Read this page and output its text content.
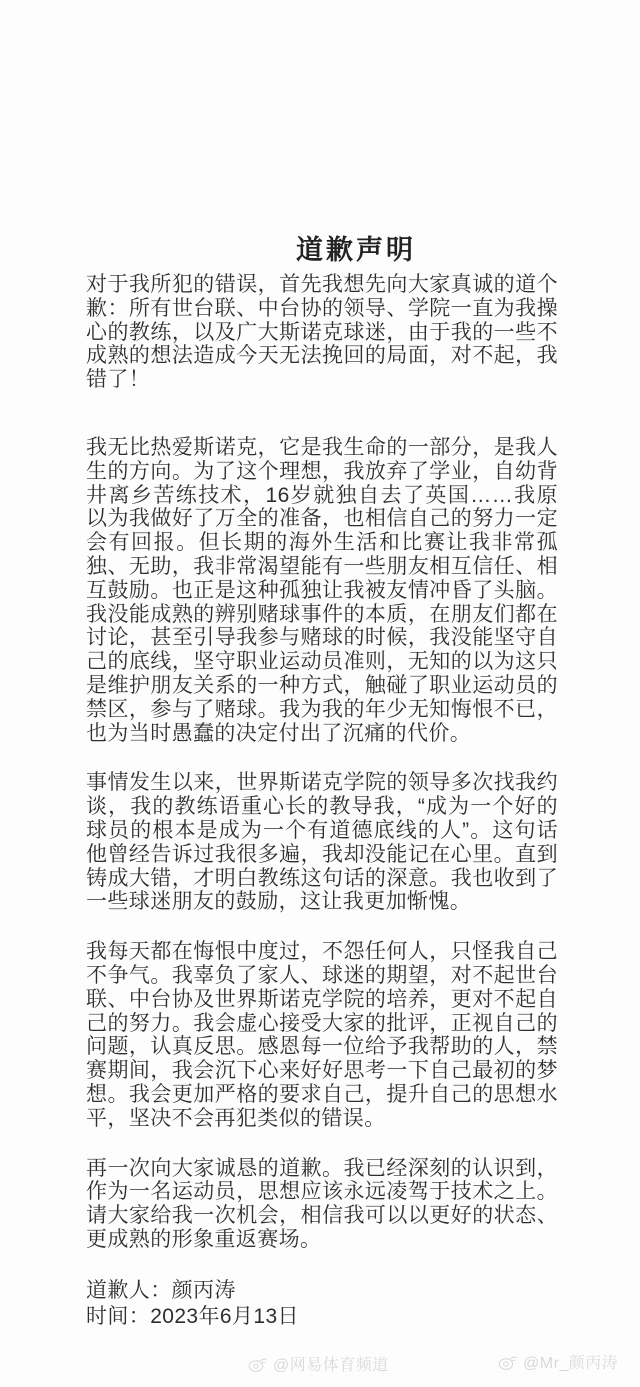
道歉声明

对于我所犯的错误，首先我想先向大家真诚的道个歉：所有世台联、中台协的领导、学院一直为我操心的教练，以及广大斯诺克球迷，由于我的一些不成熟的想法造成今天无法挽回的局面，对不起，我错了！

我无比热爱斯诺克，它是我生命的一部分，是我人生的方向。为了这个理想，我放弃了学业，自幼背井离乡苦练技术，16岁就独自去了英国……我原以为我做好了万全的准备，也相信自己的努力一定会有回报。但长期的海外生活和比赛让我非常孤独、无助，我非常渴望能有一些朋友相互信任、相互鼓励。也正是这种孤独让我被友情冲昏了头脑。我没能成熟的辨别赌球事件的本质，在朋友们都在讨论，甚至引导我参与赌球的时候，我没能坚守自己的底线，坚守职业运动员准则，无知的以为这只是维护朋友关系的一种方式，触碰了职业运动员的禁区，参与了赌球。我为我的年少无知悔恨不已，也为当时愚蠢的决定付出了沉痛的代价。

事情发生以来，世界斯诺克学院的领导多次找我约谈，我的教练语重心长的教导我，“成为一个好的球员的根本是成为一个有道德底线的人”。这句话他曾经告诉过我很多遍，我却没能记在心里。直到铸成大错，才明白教练这句话的深意。我也收到了一些球迷朋友的鼓励，这让我更加惭愧。

我每天都在悔恨中度过，不怨任何人，只怪我自己不争气。我辜负了家人、球迷的期望，对不起世台联、中台协及世界斯诺克学院的培养，更对不起自己的努力。我会虚心接受大家的批评，正视自己的问题，认真反思。感恩每一位给予我帮助的人，禁赛期间，我会沉下心来好好思考一下自己最初的梦想。我会更加严格的要求自己，提升自己的思想水平，坚决不会再犯类似的错误。

再一次向大家诚恳的道歉。我已经深刻的认识到，作为一名运动员，思想应该永远凌驾于技术之上。请大家给我一次机会，相信我可以以更好的状态、更成熟的形象重返赛场。

道歉人：颜丙涛
时间：2023年6月13日
@网易体育频道	@Mr_颜丙涛
